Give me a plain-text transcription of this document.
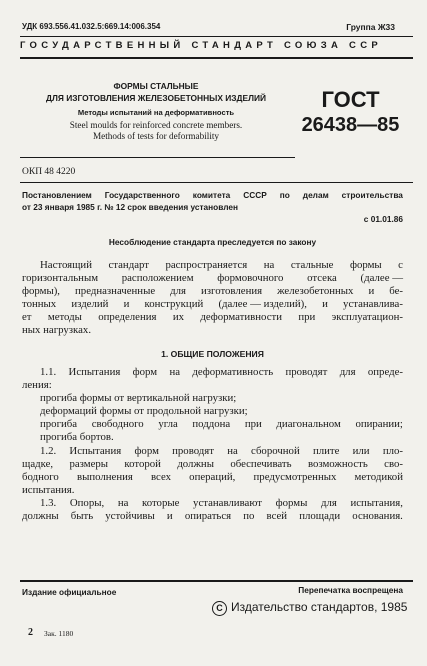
УДК 693.556.41.032.5:669.14:006.354	Группа Ж33
ГОСУДАРСТВЕННЫЙ СТАНДАРТ СОЮЗА ССР
ФОРМЫ СТАЛЬНЫЕ
ДЛЯ ИЗГОТОВЛЕНИЯ ЖЕЛЕЗОБЕТОННЫХ ИЗДЕЛИЙ
Методы испытаний на деформативность
Steel moulds for reinforced concrete members.
Methods of tests for deformability
ГОСТ
26438—85
ОКП 48 4220
Постановлением Государственного комитета СССР по делам строительства
от 23 января 1985 г. № 12 срок введения установлен
с 01.01.86
Несоблюдение стандарта преследуется по закону
Настоящий стандарт распространяется на стальные формы с
горизонтальным расположением формовочного отсека (далее —
формы), предназначенные для изготовления железобетонных и бе-
тонных изделий и конструкций (далее — изделий), и устанавлива-
ет методы определения их деформативности при эксплуатацион-
ных нагрузках.
1. ОБЩИЕ ПОЛОЖЕНИЯ
1.1. Испытания форм на деформативность проводят для опреде-
ления:
прогиба формы от вертикальной нагрузки;
деформаций формы от продольной нагрузки;
прогиба свободного угла поддона при диагональном опирании;
прогиба бортов.
1.2. Испытания форм проводят на сборочной плите или пло-
щадке, размеры которой должны обеспечивать возможность сво-
бодного выполнения всех операций, предусмотренных методикой
испытания.
1.3. Опоры, на которые устанавливают формы для испытания,
должны быть устойчивы и опираться по всей площади основания.
Издание официальное	Перепечатка воспрещена
C Издательство стандартов, 1985
2 Зак. 1180
